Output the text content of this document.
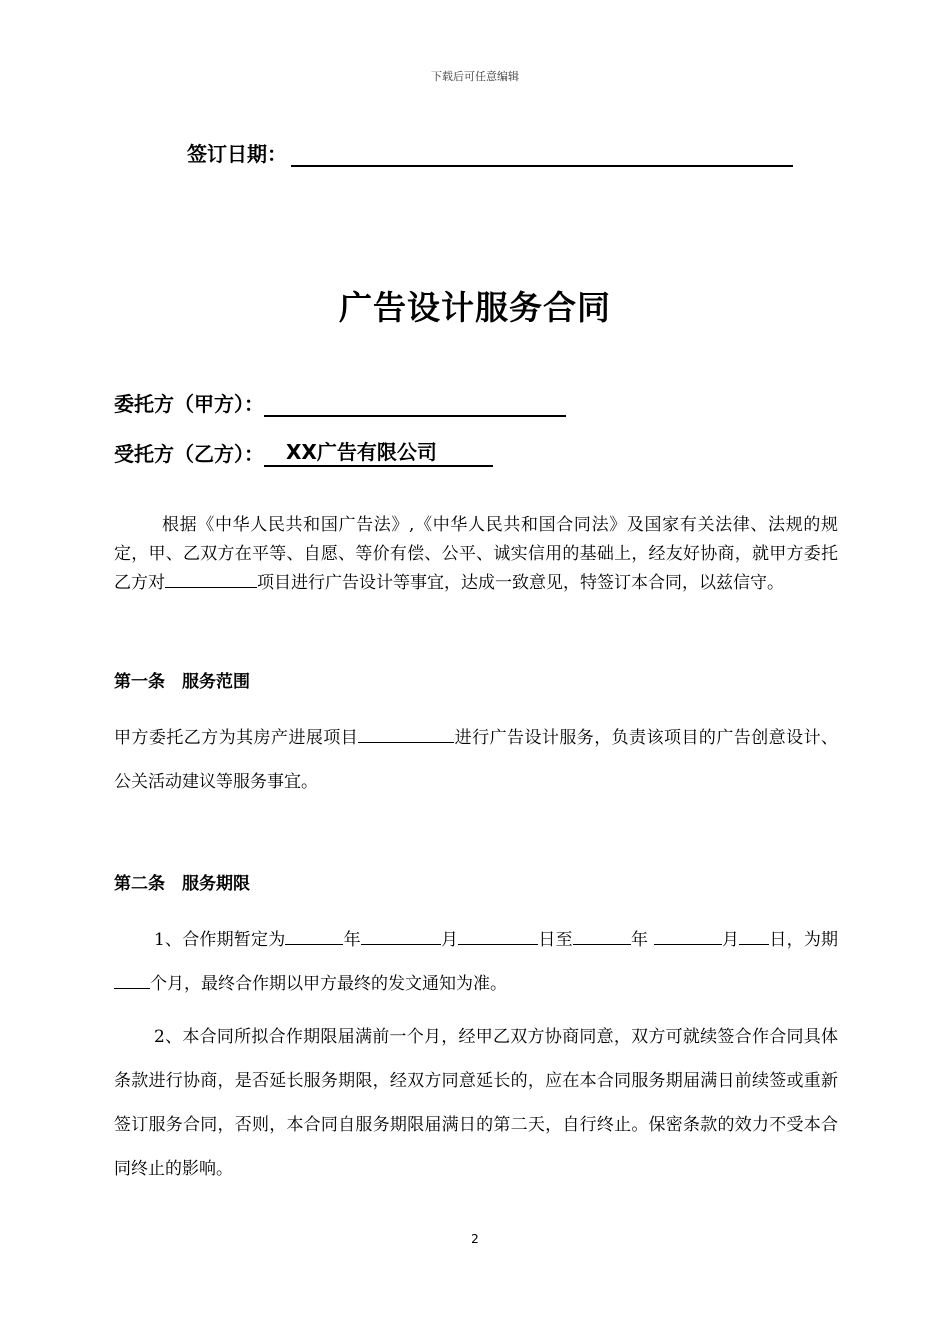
下载后可任意编辑
签订日期：
广告设计服务合同
委托方（甲方）：
受托方（乙方）：	XX广告有限公司
根据《中华人民共和国广告法》,《中华人民共和国合同法》及国家有关法律、法规的规定，甲、乙双方在平等、自愿、等价有偿、公平、诚实信用的基础上，经友好协商，就甲方委托乙方对	项目进行广告设计等事宜，达成一致意见，特签订本合同，以兹信守。
第一条　服务范围
甲方委托乙方为其房产进展项目	进行广告设计服务，负责该项目的广告创意设计、公关活动建议等服务事宜。
第二条　服务期限
1、合作期暂定为	年	月	日至	年	月 日，为期个月，最终合作期以甲方最终的发文通知为准。
2、本合同所拟合作期限届满前一个月，经甲乙双方协商同意，双方可就续签合作合同具体条款进行协商，是否延长服务期限，经双方同意延长的，应在本合同服务期届满日前续签或重新签订服务合同，否则，本合同自服务期限届满日的第二天，自行终止。保密条款的效力不受本合同终止的影响。
2
